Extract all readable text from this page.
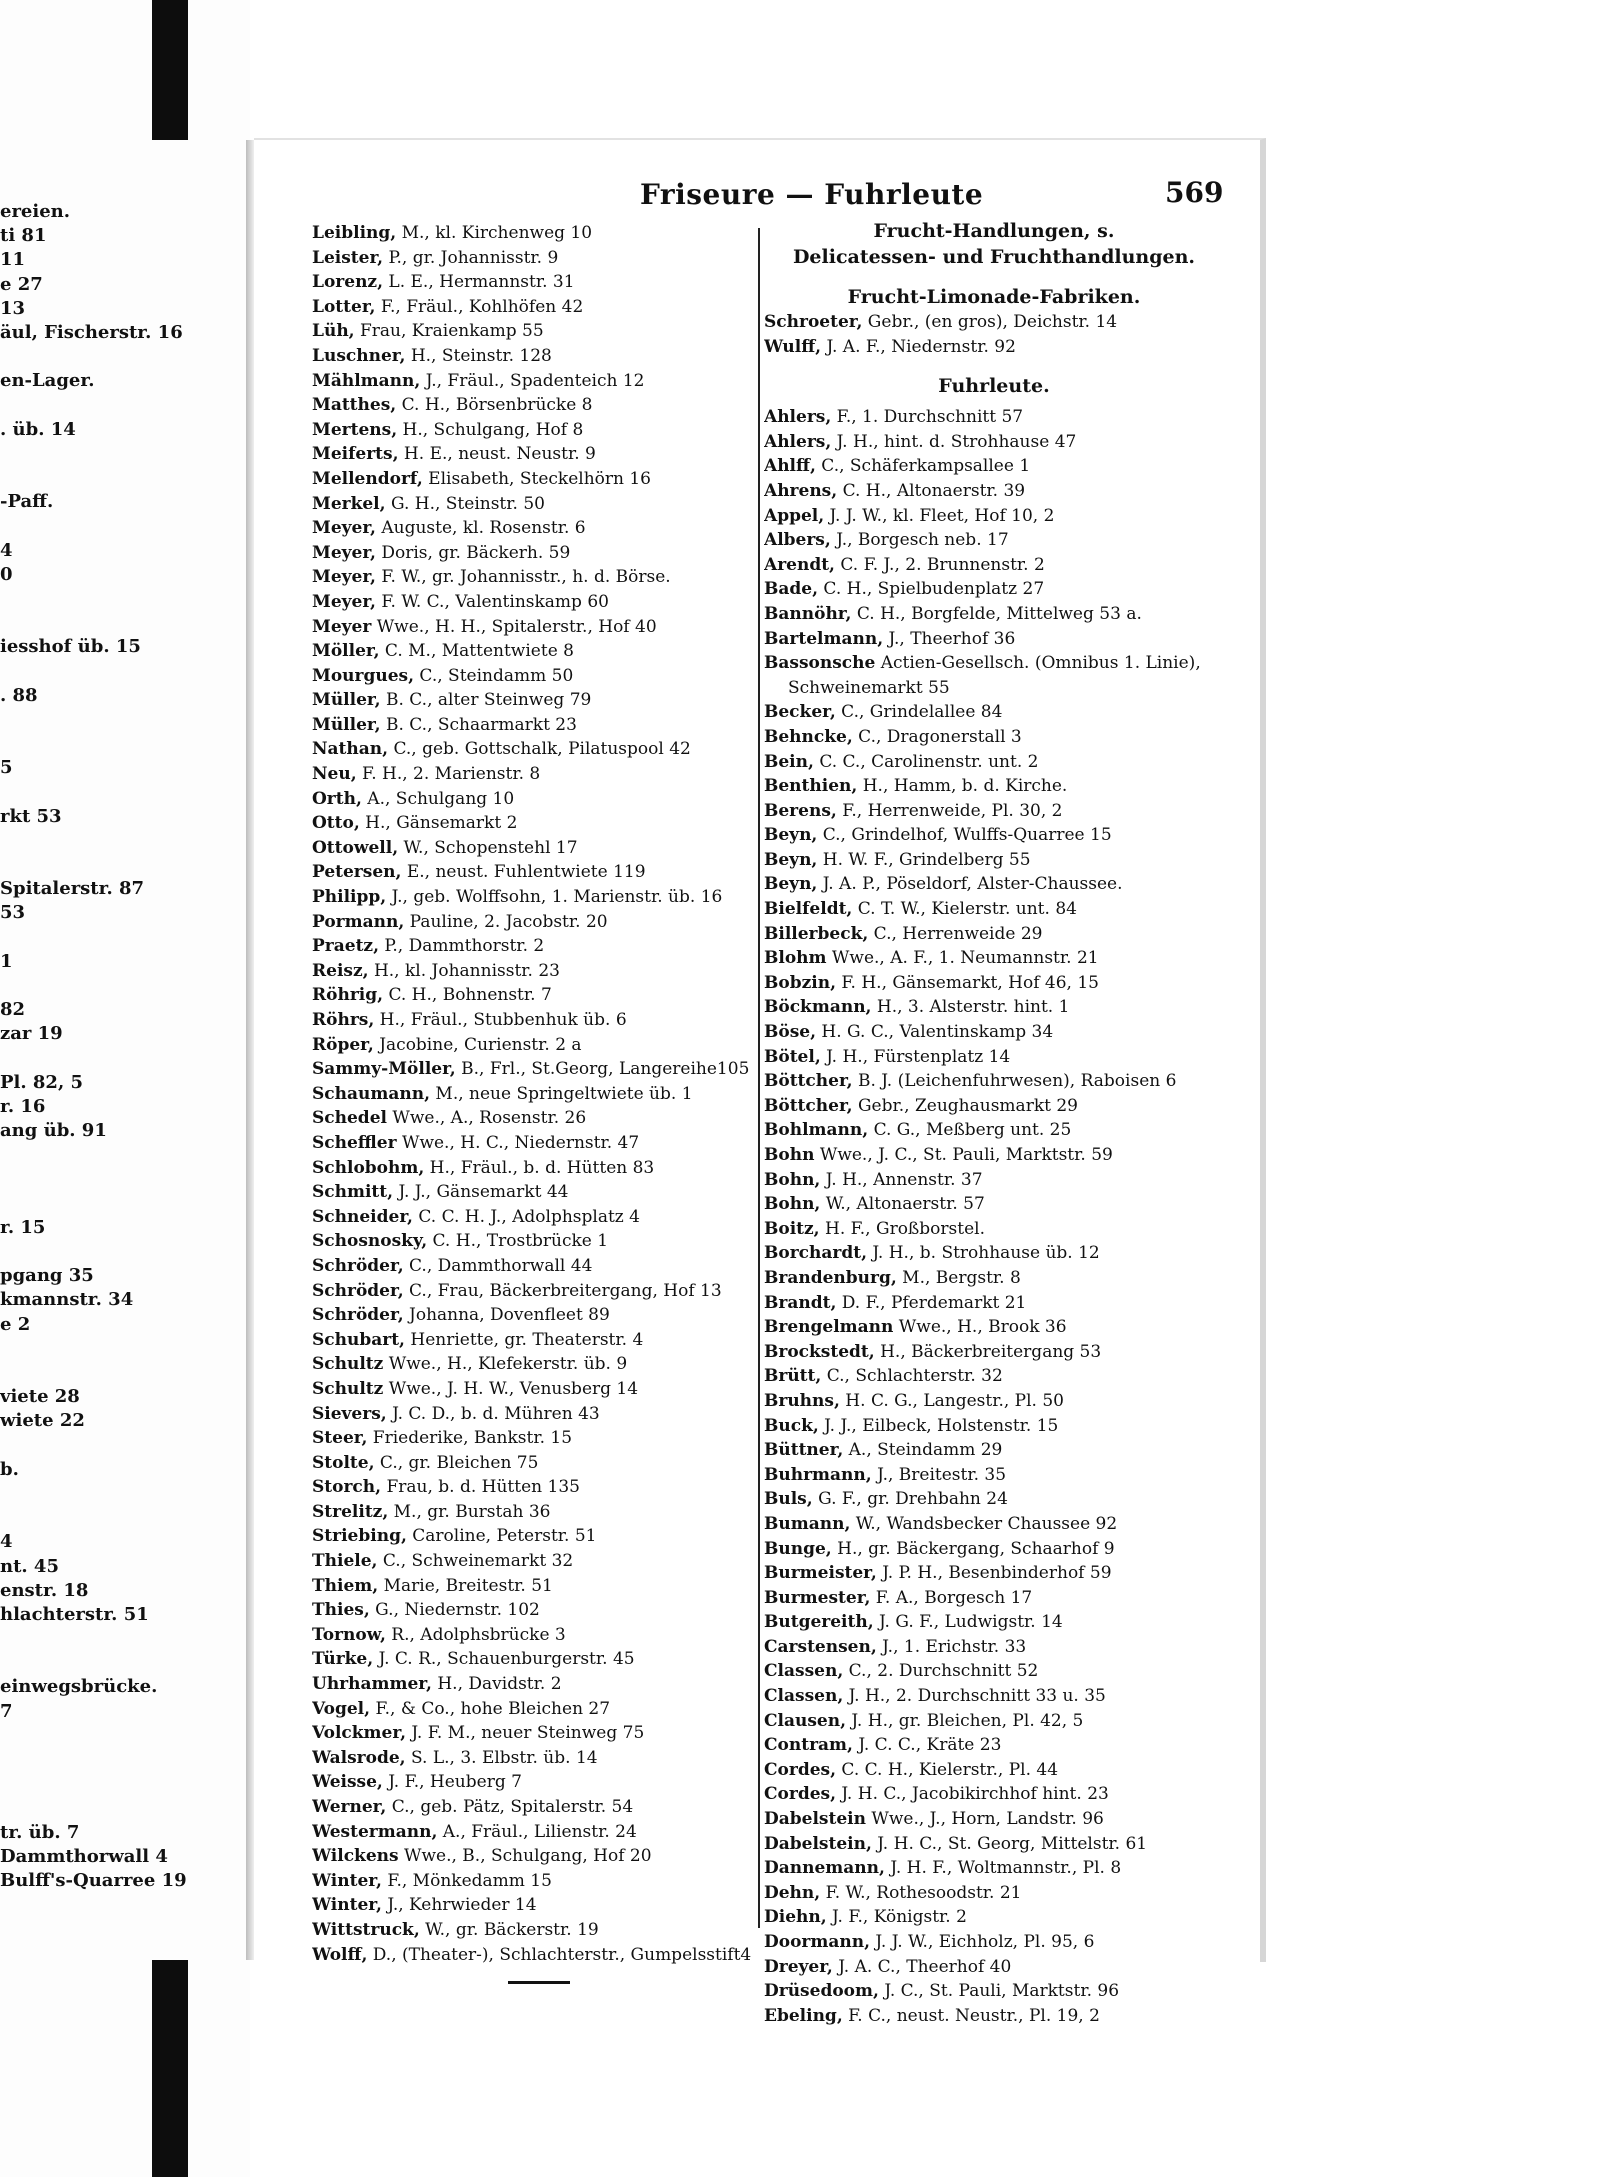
ereien.
ti 81
11
e 27
13
äul, Fischerstr. 16
en-Lager.
. üb. 14
-Paff.
4
0
iesshof üb. 15
. 88
5
rkt 53
Spitalerstr. 87
53
1
82
zar 19
Pl. 82, 5
r. 16
ang üb. 91
r. 15
pgang 35
kmannstr. 34
e 2
viete 28
wiete 22
b.
4
nt. 45
enstr. 18
hlachterstr. 51
einwegsbrücke.
7
tr. üb. 7
Dammthorwall 4
Bulff's-Quarree 19
Friseure — Fuhrleute	569
Leibling, M., kl. Kirchenweg 10
Leister, P., gr. Johannisstr. 9
Lorenz, L. E., Hermannstr. 31
Lotter, F., Fräul., Kohlhöfen 42
Lüh, Frau, Kraienkamp 55
Luschner, H., Steinstr. 128
Mählmann, J., Fräul., Spadenteich 12
Matthes, C. H., Börsenbrücke 8
Mertens, H., Schulgang, Hof 8
Meiferts, H. E., neust. Neustr. 9
Mellendorf, Elisabeth, Steckelhörn 16
Merkel, G. H., Steinstr. 50
Meyer, Auguste, kl. Rosenstr. 6
Meyer, Doris, gr. Bäckerh. 59
Meyer, F. W., gr. Johannisstr., h. d. Börse.
Meyer, F. W. C., Valentinskamp 60
Meyer Wwe., H. H., Spitalerstr., Hof 40
Möller, C. M., Mattentwiete 8
Mourgues, C., Steindamm 50
Müller, B. C., alter Steinweg 79
Müller, B. C., Schaarmarkt 23
Nathan, C., geb. Gottschalk, Pilatuspool 42
Neu, F. H., 2. Marienstr. 8
Orth, A., Schulgang 10
Otto, H., Gänsemarkt 2
Ottowell, W., Schopenstehl 17
Petersen, E., neust. Fuhlentwiete 119
Philipp, J., geb. Wolffsohn, 1. Marienstr. üb. 16
Pormann, Pauline, 2. Jacobstr. 20
Praetz, P., Dammthorstr. 2
Reisz, H., kl. Johannisstr. 23
Röhrig, C. H., Bohnenstr. 7
Röhrs, H., Fräul., Stubbenhuk üb. 6
Röper, Jacobine, Curienstr. 2 a
Sammy-Möller, B., Frl., St.Georg, Langereihe105
Schaumann, M., neue Springeltwiete üb. 1
Schedel Wwe., A., Rosenstr. 26
Scheffler Wwe., H. C., Niedernstr. 47
Schlobohm, H., Fräul., b. d. Hütten 83
Schmitt, J. J., Gänsemarkt 44
Schneider, C. C. H. J., Adolphsplatz 4
Schosnosky, C. H., Trostbrücke 1
Schröder, C., Dammthorwall 44
Schröder, C., Frau, Bäckerbreitergang, Hof 13
Schröder, Johanna, Dovenfleet 89
Schubart, Henriette, gr. Theaterstr. 4
Schultz Wwe., H., Klefekerstr. üb. 9
Schultz Wwe., J. H. W., Venusberg 14
Sievers, J. C. D., b. d. Mühren 43
Steer, Friederike, Bankstr. 15
Stolte, C., gr. Bleichen 75
Storch, Frau, b. d. Hütten 135
Strelitz, M., gr. Burstah 36
Striebing, Caroline, Peterstr. 51
Thiele, C., Schweinemarkt 32
Thiem, Marie, Breitestr. 51
Thies, G., Niedernstr. 102
Tornow, R., Adolphsbrücke 3
Türke, J. C. R., Schauenburgerstr. 45
Uhrhammer, H., Davidstr. 2
Vogel, F., & Co., hohe Bleichen 27
Volckmer, J. F. M., neuer Steinweg 75
Walsrode, S. L., 3. Elbstr. üb. 14
Weisse, J. F., Heuberg 7
Werner, C., geb. Pätz, Spitalerstr. 54
Westermann, A., Fräul., Lilienstr. 24
Wilckens Wwe., B., Schulgang, Hof 20
Winter, F., Mönkedamm 15
Winter, J., Kehrwieder 14
Wittstruck, W., gr. Bäckerstr. 19
Wolff, D., (Theater-), Schlachterstr., Gumpelsstift4
Frucht-Handlungen, s.
Delicatessen- und Fruchthandlungen.
Frucht-Limonade-Fabriken.
Schroeter, Gebr., (en gros), Deichstr. 14
Wulff, J. A. F., Niedernstr. 92
Fuhrleute.
Ahlers, F., 1. Durchschnitt 57
Ahlers, J. H., hint. d. Strohhause 47
Ahlff, C., Schäferkampsallee 1
Ahrens, C. H., Altonaerstr. 39
Appel, J. J. W., kl. Fleet, Hof 10, 2
Albers, J., Borgesch neb. 17
Arendt, C. F. J., 2. Brunnenstr. 2
Bade, C. H., Spielbudenplatz 27
Bannöhr, C. H., Borgfelde, Mittelweg 53 a.
Bartelmann, J., Theerhof 36
Bassonsche Actien-Gesellsch. (Omnibus 1. Linie),
Schweinemarkt 55
Becker, C., Grindelallee 84
Behncke, C., Dragonerstall 3
Bein, C. C., Carolinenstr. unt. 2
Benthien, H., Hamm, b. d. Kirche.
Berens, F., Herrenweide, Pl. 30, 2
Beyn, C., Grindelhof, Wulffs-Quarree 15
Beyn, H. W. F., Grindelberg 55
Beyn, J. A. P., Pöseldorf, Alster-Chaussee.
Bielfeldt, C. T. W., Kielerstr. unt. 84
Billerbeck, C., Herrenweide 29
Blohm Wwe., A. F., 1. Neumannstr. 21
Bobzin, F. H., Gänsemarkt, Hof 46, 15
Böckmann, H., 3. Alsterstr. hint. 1
Böse, H. G. C., Valentinskamp 34
Bötel, J. H., Fürstenplatz 14
Böttcher, B. J. (Leichenfuhrwesen), Raboisen 6
Böttcher, Gebr., Zeughausmarkt 29
Bohlmann, C. G., Meßberg unt. 25
Bohn Wwe., J. C., St. Pauli, Marktstr. 59
Bohn, J. H., Annenstr. 37
Bohn, W., Altonaerstr. 57
Boitz, H. F., Großborstel.
Borchardt, J. H., b. Strohhause üb. 12
Brandenburg, M., Bergstr. 8
Brandt, D. F., Pferdemarkt 21
Brengelmann Wwe., H., Brook 36
Brockstedt, H., Bäckerbreitergang 53
Brütt, C., Schlachterstr. 32
Bruhns, H. C. G., Langestr., Pl. 50
Buck, J. J., Eilbeck, Holstenstr. 15
Büttner, A., Steindamm 29
Buhrmann, J., Breitestr. 35
Buls, G. F., gr. Drehbahn 24
Bumann, W., Wandsbecker Chaussee 92
Bunge, H., gr. Bäckergang, Schaarhof 9
Burmeister, J. P. H., Besenbinderhof 59
Burmester, F. A., Borgesch 17
Butgereith, J. G. F., Ludwigstr. 14
Carstensen, J., 1. Erichstr. 33
Classen, C., 2. Durchschnitt 52
Classen, J. H., 2. Durchschnitt 33 u. 35
Clausen, J. H., gr. Bleichen, Pl. 42, 5
Contram, J. C. C., Kräte 23
Cordes, C. C. H., Kielerstr., Pl. 44
Cordes, J. H. C., Jacobikirchhof hint. 23
Dabelstein Wwe., J., Horn, Landstr. 96
Dabelstein, J. H. C., St. Georg, Mittelstr. 61
Dannemann, J. H. F., Woltmannstr., Pl. 8
Dehn, F. W., Rothesoodstr. 21
Diehn, J. F., Königstr. 2
Doormann, J. J. W., Eichholz, Pl. 95, 6
Dreyer, J. A. C., Theerhof 40
Drüsedoom, J. C., St. Pauli, Marktstr. 96
Ebeling, F. C., neust. Neustr., Pl. 19, 2
